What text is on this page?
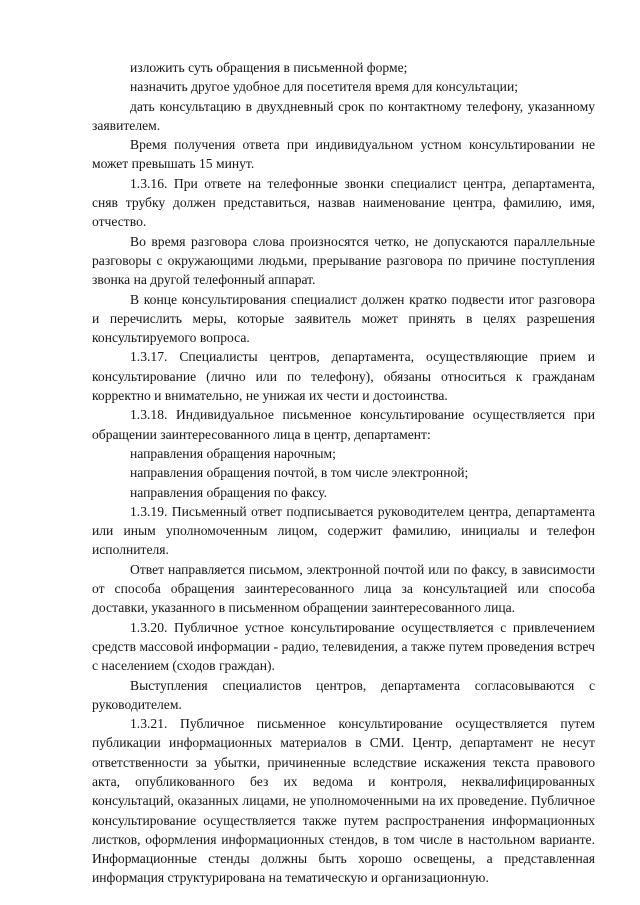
изложить суть обращения в письменной форме;

назначить другое удобное для посетителя время для консультации;

дать консультацию в двухдневный срок по контактному телефону, указанному заявителем.

Время получения ответа при индивидуальном устном консультировании не может превышать 15 минут.

1.3.16. При ответе на телефонные звонки специалист центра, департамента, сняв трубку должен представиться, назвав наименование центра, фамилию, имя, отчество.

Во время разговора слова произносятся четко, не допускаются параллельные разговоры с окружающими людьми, прерывание разговора по причине поступления звонка на другой телефонный аппарат.

В конце консультирования специалист должен кратко подвести итог разговора и перечислить меры, которые заявитель может принять в целях разрешения консультируемого вопроса.

1.3.17. Специалисты центров, департамента, осуществляющие прием и консультирование (лично или по телефону), обязаны относиться к гражданам корректно и внимательно, не унижая их чести и достоинства.

1.3.18. Индивидуальное письменное консультирование осуществляется при обращении заинтересованного лица в центр, департамент:

направления обращения нарочным;

направления обращения почтой, в том числе электронной;

направления обращения по факсу.

1.3.19. Письменный ответ подписывается руководителем центра, департамента или иным уполномоченным лицом, содержит фамилию, инициалы и телефон исполнителя.

Ответ направляется письмом, электронной почтой или по факсу, в зависимости от способа обращения заинтересованного лица за консультацией или способа доставки, указанного в письменном обращении заинтересованного лица.

1.3.20. Публичное устное консультирование осуществляется с привлечением средств массовой информации - радио, телевидения, а также путем проведения встреч с населением (сходов граждан).

Выступления специалистов центров, департамента согласовываются с руководителем.

1.3.21. Публичное письменное консультирование осуществляется путем публикации информационных материалов в СМИ. Центр, департамент не несут ответственности за убытки, причиненные вследствие искажения текста правового акта, опубликованного без их ведома и контроля, неквалифицированных консультаций, оказанных лицами, не уполномоченными на их проведение. Публичное консультирование осуществляется также путем распространения информационных листков, оформления информационных стендов, в том числе в настольном варианте. Информационные стенды должны быть хорошо освещены, а представленная информация структурирована на тематическую и организационную.
